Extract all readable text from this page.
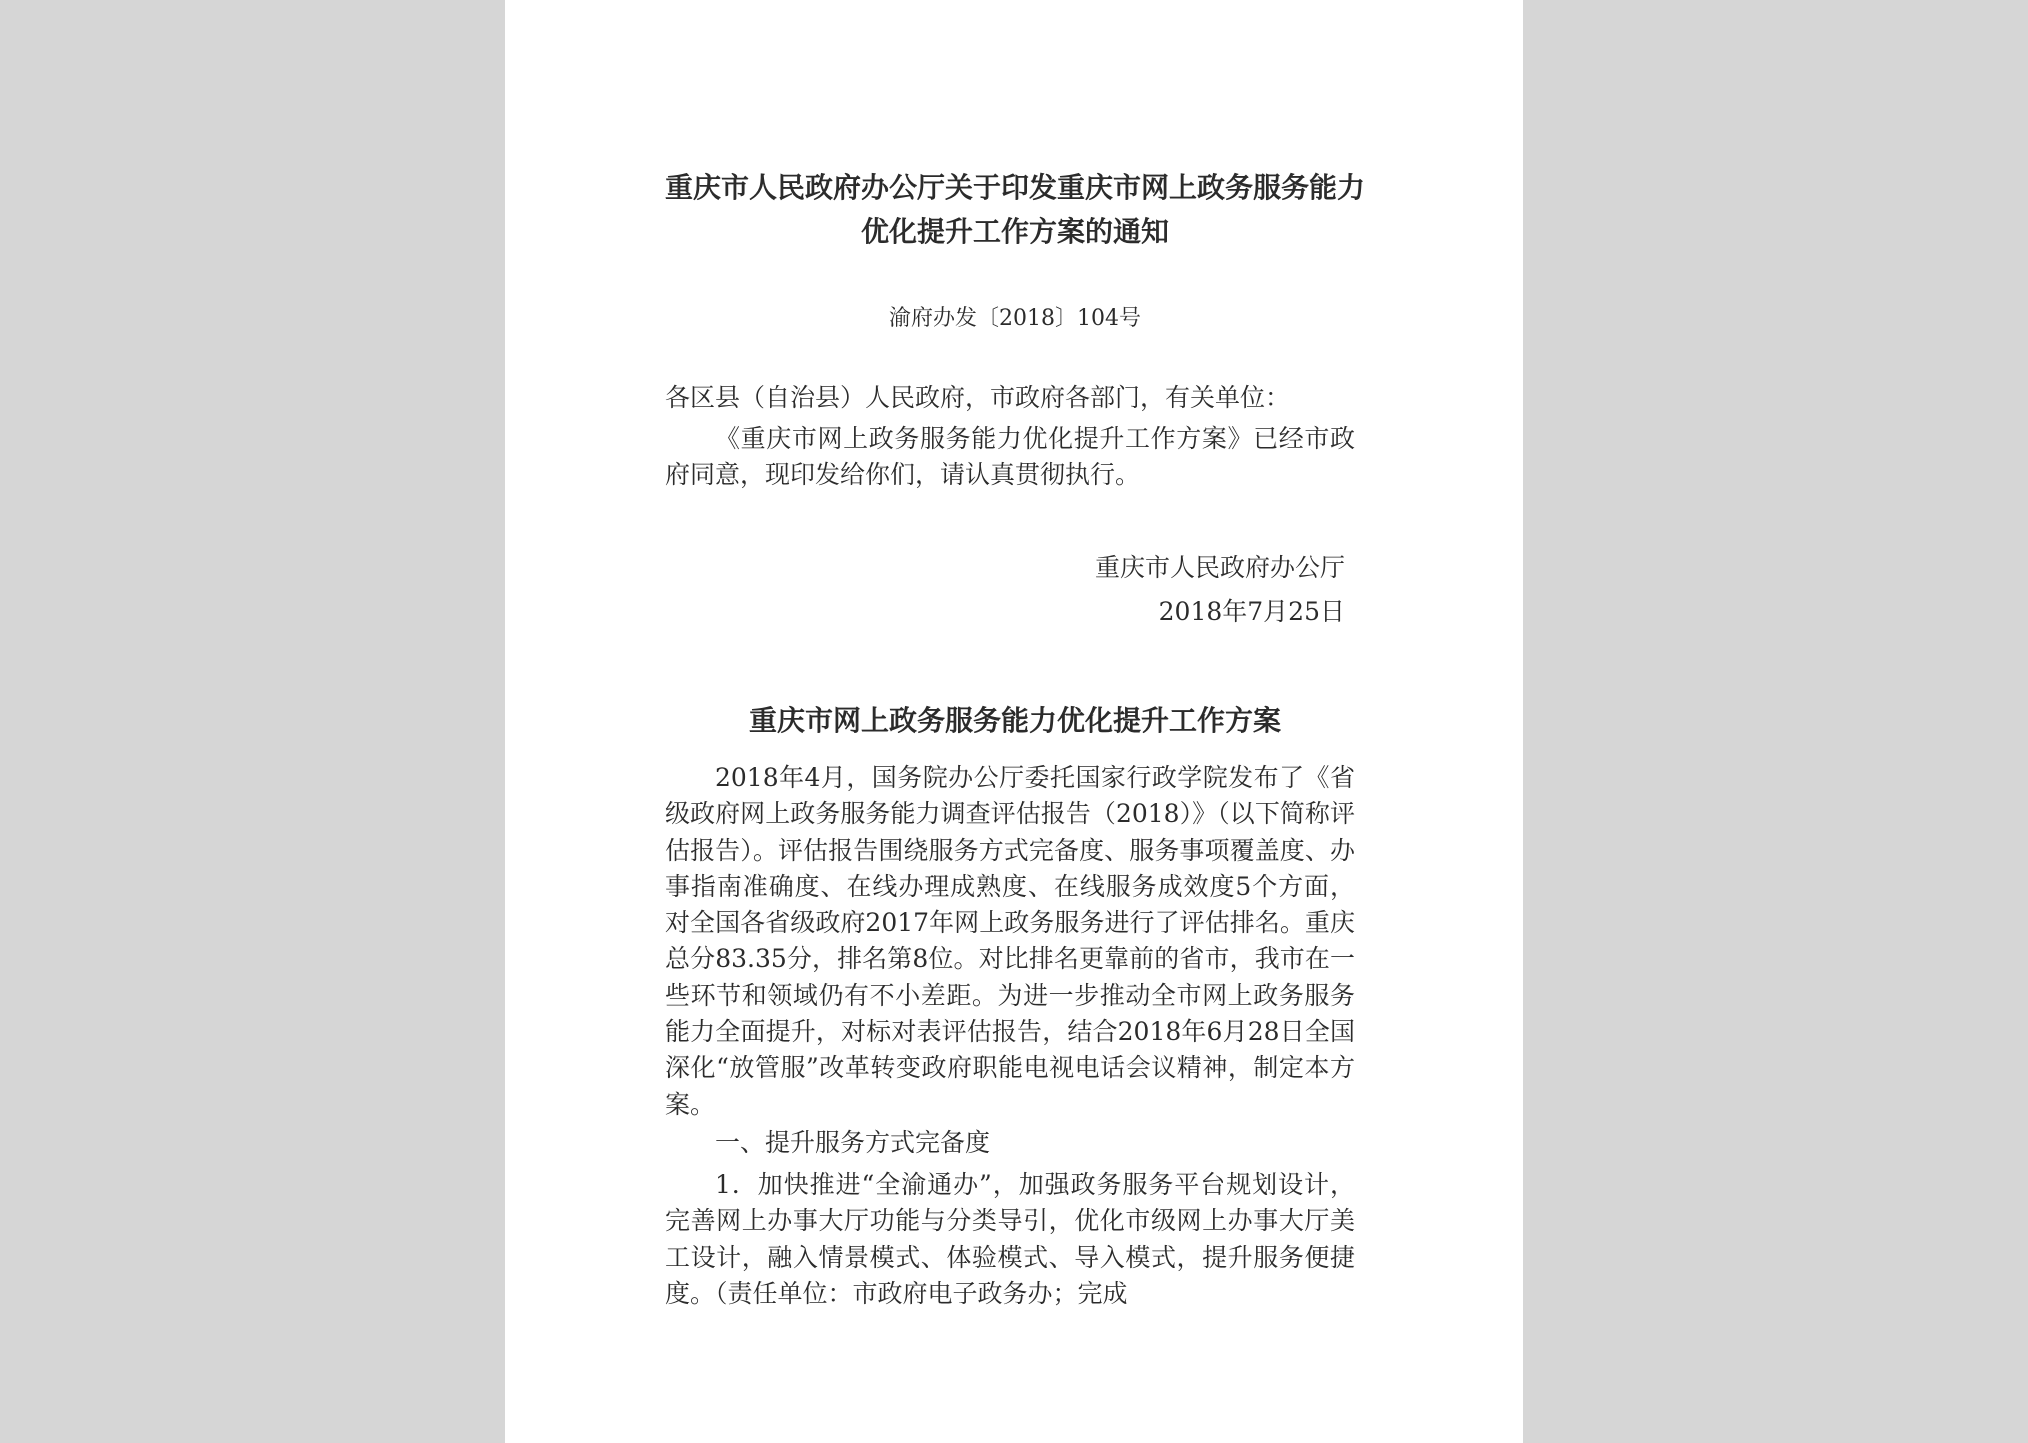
重庆市人民政府办公厅关于印发重庆市网上政务服务能力优化提升工作方案的通知
渝府办发〔2018〕104号

各区县（自治县）人民政府，市政府各部门，有关单位：

《重庆市网上政务服务能力优化提升工作方案》已经市政府同意，现印发给你们，请认真贯彻执行。

重庆市人民政府办公厅
2018年7月25日
重庆市网上政务服务能力优化提升工作方案

2018年4月，国务院办公厅委托国家行政学院发布了《省级政府网上政务服务能力调查评估报告（2018）》（以下简称评估报告）。评估报告围绕服务方式完备度、服务事项覆盖度、办事指南准确度、在线办理成熟度、在线服务成效度5个方面，对全国各省级政府2017年网上政务服务进行了评估排名。重庆总分83.35分，排名第8位。对比排名更靠前的省市，我市在一些环节和领域仍有不小差距。为进一步推动全市网上政务服务能力全面提升，对标对表评估报告，结合2018年6月28日全国深化“放管服”改革转变政府职能电视电话会议精神，制定本方案。

一、提升服务方式完备度

1．加快推进“全渝通办”，加强政务服务平台规划设计，完善网上办事大厅功能与分类导引，优化市级网上办事大厅美工设计，融入情景模式、体验模式、导入模式，提升服务便捷度。（责任单位：市政府电子政务办；完成
